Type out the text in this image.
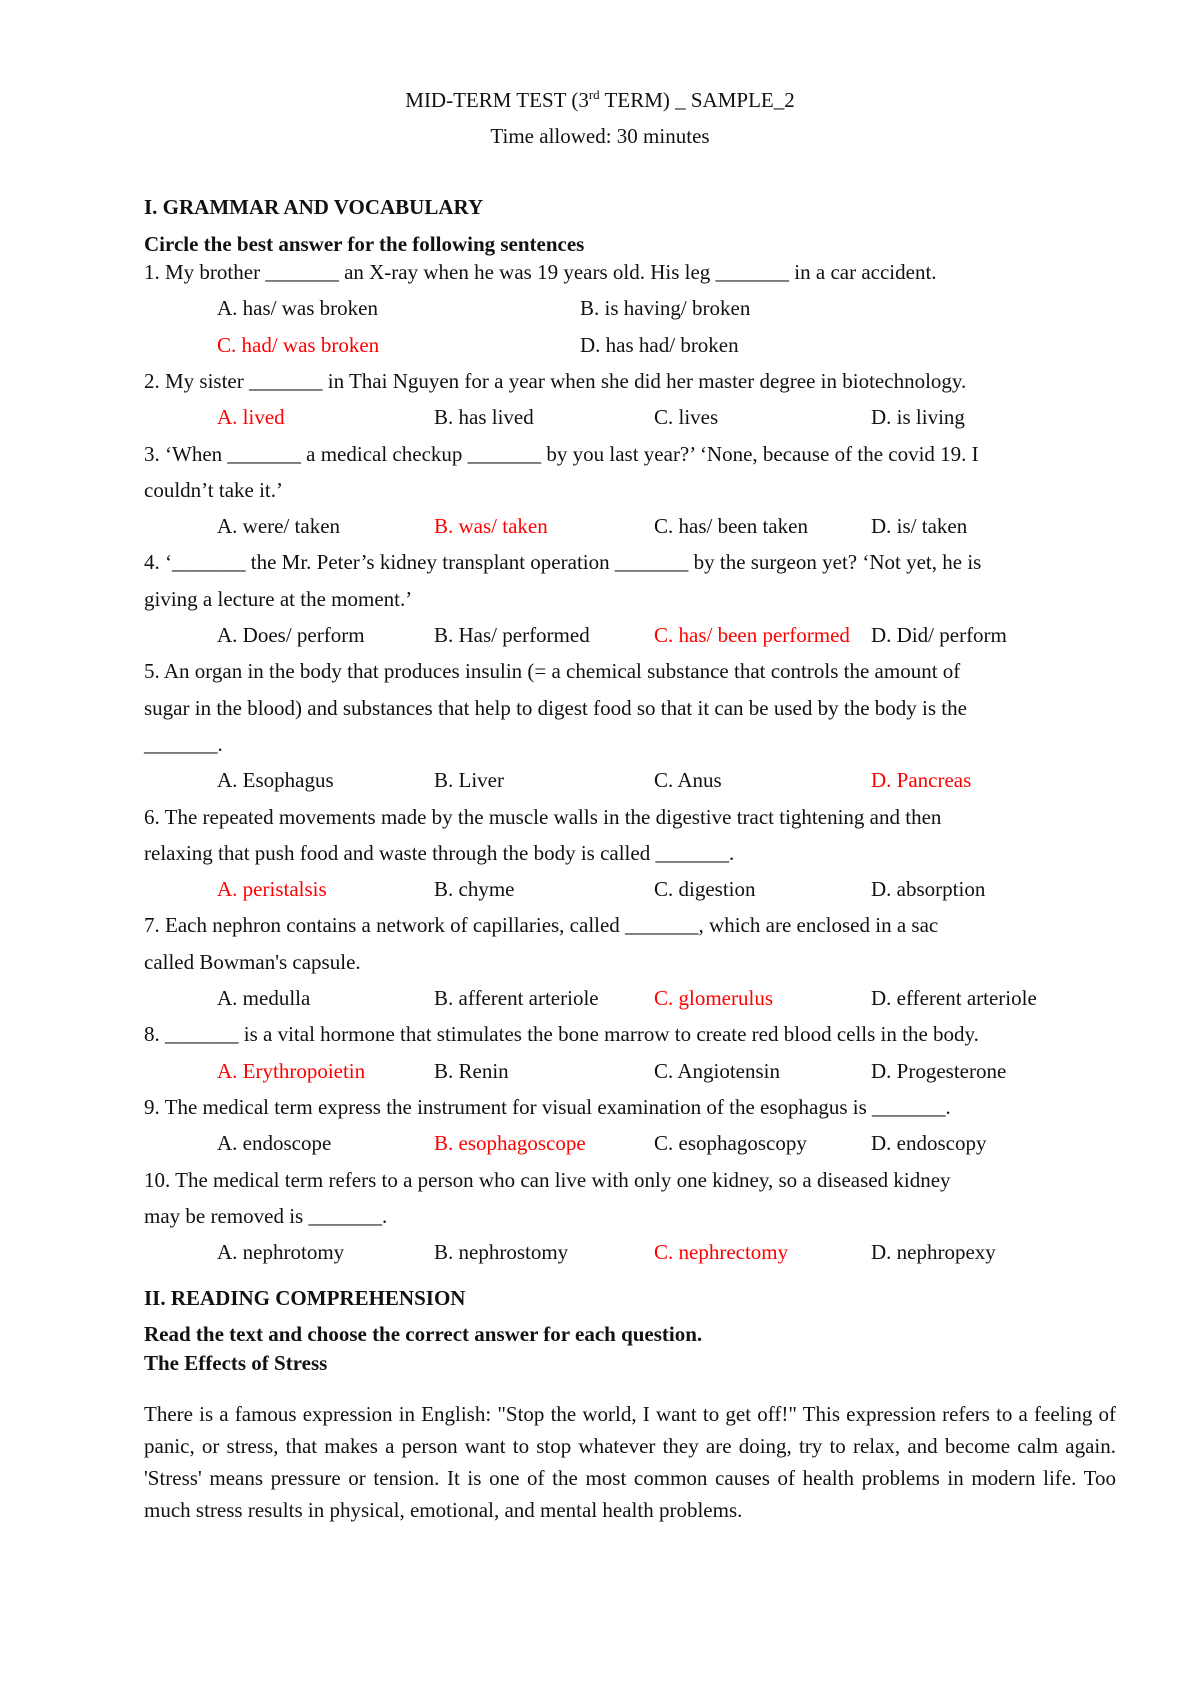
MID-TERM TEST (3rd TERM) _ SAMPLE_2
Time allowed: 30 minutes
I. GRAMMAR AND VOCABULARY
Circle the best answer for the following sentences
1. My brother _______ an X-ray when he was 19 years old. His leg _______ in a car accident.
A. has/ was broken	B. is having/ broken
C. had/ was broken	D. has had/ broken
2. My sister _______ in Thai Nguyen for a year when she did her master degree in biotechnology.
A. lived	B. has lived	C. lives	D. is living
3. ‘When _______ a medical checkup _______ by you last year?’ ‘None, because of the covid 19. I
couldn’t take it.’
A. were/ taken	B. was/ taken	C. has/ been taken	D. is/ taken
4. ‘_______ the Mr. Peter’s kidney transplant operation _______ by the surgeon yet? ‘Not yet, he is
giving a lecture at the moment.’
A. Does/ perform	B. Has/ performed	C. has/ been performed D. Did/ perform
5. An organ in the body that produces insulin (= a chemical substance that controls the amount of
sugar in the blood) and substances that help to digest food so that it can be used by the body is the
_______.
A. Esophagus	B. Liver	C. Anus	D. Pancreas
6. The repeated movements made by the muscle walls in the digestive tract tightening and then
relaxing that push food and waste through the body is called _______.
A. peristalsis	B. chyme	C. digestion	D. absorption
7. Each nephron contains a network of capillaries, called _______, which are enclosed in a sac
called Bowman's capsule.
A. medulla	B. afferent arteriole	C. glomerulus	D. efferent arteriole
8. _______ is a vital hormone that stimulates the bone marrow to create red blood cells in the body.
A. Erythropoietin	B. Renin	C. Angiotensin	D. Progesterone
9. The medical term express the instrument for visual examination of the esophagus is _______.
A. endoscope	B. esophagoscope	C. esophagoscopy	D. endoscopy
10. The medical term refers to a person who can live with only one kidney, so a diseased kidney
may be removed is _______.
A. nephrotomy	B. nephrostomy	C. nephrectomy	D. nephropexy
II. READING COMPREHENSION
Read the text and choose the correct answer for each question.
The Effects of Stress
There is a famous expression in English: "Stop the world, I want to get off!" This expression refers to a feeling of panic, or stress, that makes a person want to stop whatever they are doing, try to relax, and become calm again. 'Stress' means pressure or tension. It is one of the most common causes of health problems in modern life. Too much stress results in physical, emotional, and mental health problems.
